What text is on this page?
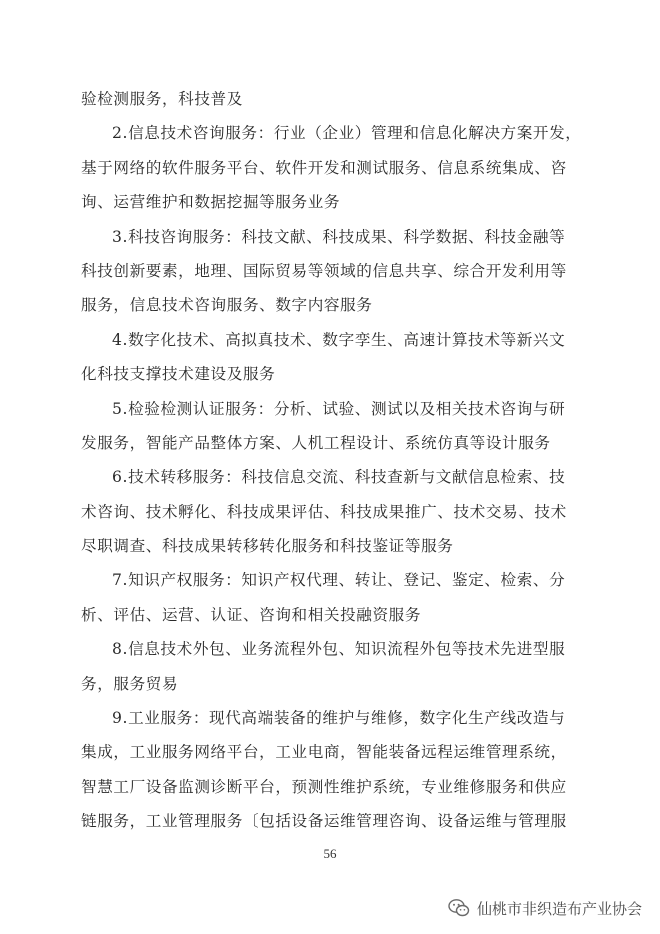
验检测服务，科技普及
2.信息技术咨询服务：行业（企业）管理和信息化解决方案开发，
基于网络的软件服务平台、软件开发和测试服务、信息系统集成、咨
询、运营维护和数据挖掘等服务业务
3.科技咨询服务：科技文献、科技成果、科学数据、科技金融等
科技创新要素，地理、国际贸易等领域的信息共享、综合开发利用等
服务，信息技术咨询服务、数字内容服务
4.数字化技术、高拟真技术、数字孪生、高速计算技术等新兴文
化科技支撑技术建设及服务
5.检验检测认证服务：分析、试验、测试以及相关技术咨询与研
发服务，智能产品整体方案、人机工程设计、系统仿真等设计服务
6.技术转移服务：科技信息交流、科技查新与文献信息检索、技
术咨询、技术孵化、科技成果评估、科技成果推广、技术交易、技术
尽职调查、科技成果转移转化服务和科技鉴证等服务
7.知识产权服务：知识产权代理、转让、登记、鉴定、检索、分
析、评估、运营、认证、咨询和相关投融资服务
8.信息技术外包、业务流程外包、知识流程外包等技术先进型服
务，服务贸易
9.工业服务：现代高端装备的维护与维修，数字化生产线改造与
集成，工业服务网络平台，工业电商，智能装备远程运维管理系统，
智慧工厂设备监测诊断平台，预测性维护系统，专业维修服务和供应
链服务，工业管理服务〔包括设备运维管理咨询、设备运维与管理服
56
仙桃市非织造布产业协会
